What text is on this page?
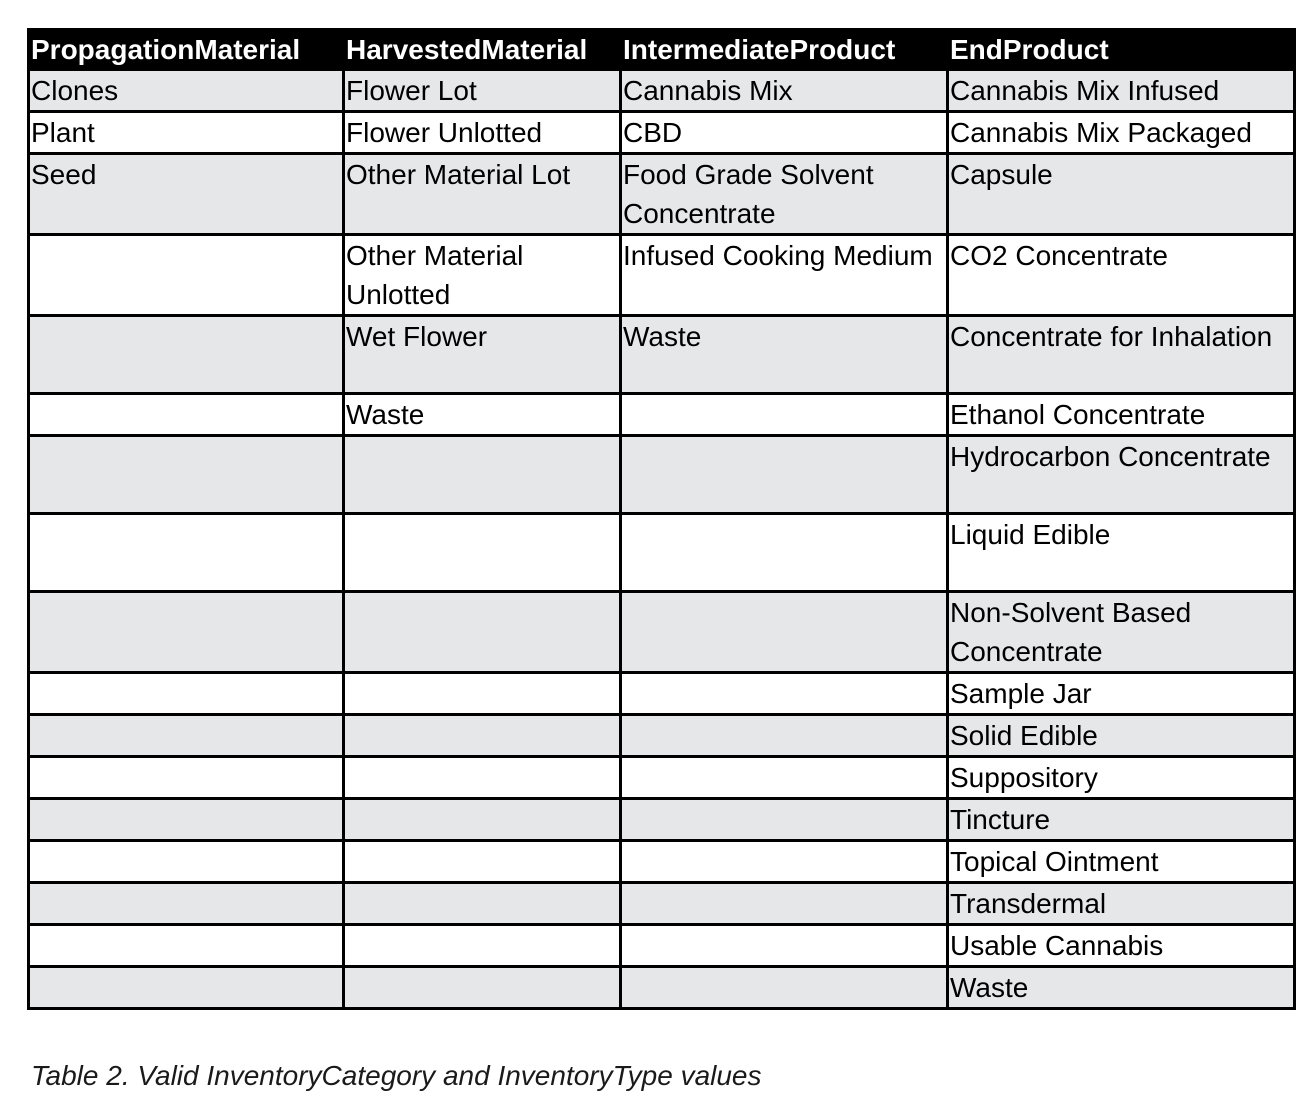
PropagationMaterial	HarvestedMaterial	IntermediateProduct	EndProduct
Clones	Flower Lot	Cannabis Mix	Cannabis Mix Infused
Plant	Flower Unlotted	CBD	Cannabis Mix Packaged
Seed	Other Material Lot	Food Grade Solvent Concentrate	Capsule
	Other Material Unlotted	Infused Cooking Medium	CO2 Concentrate
	Wet Flower	Waste	Concentrate for Inhalation
	Waste		Ethanol Concentrate
			Hydrocarbon Concentrate
			Liquid Edible
			Non-Solvent Based Concentrate
			Sample Jar
			Solid Edible
			Suppository
			Tincture
			Topical Ointment
			Transdermal
			Usable Cannabis
			Waste
Table 2. Valid InventoryCategory and InventoryType values
